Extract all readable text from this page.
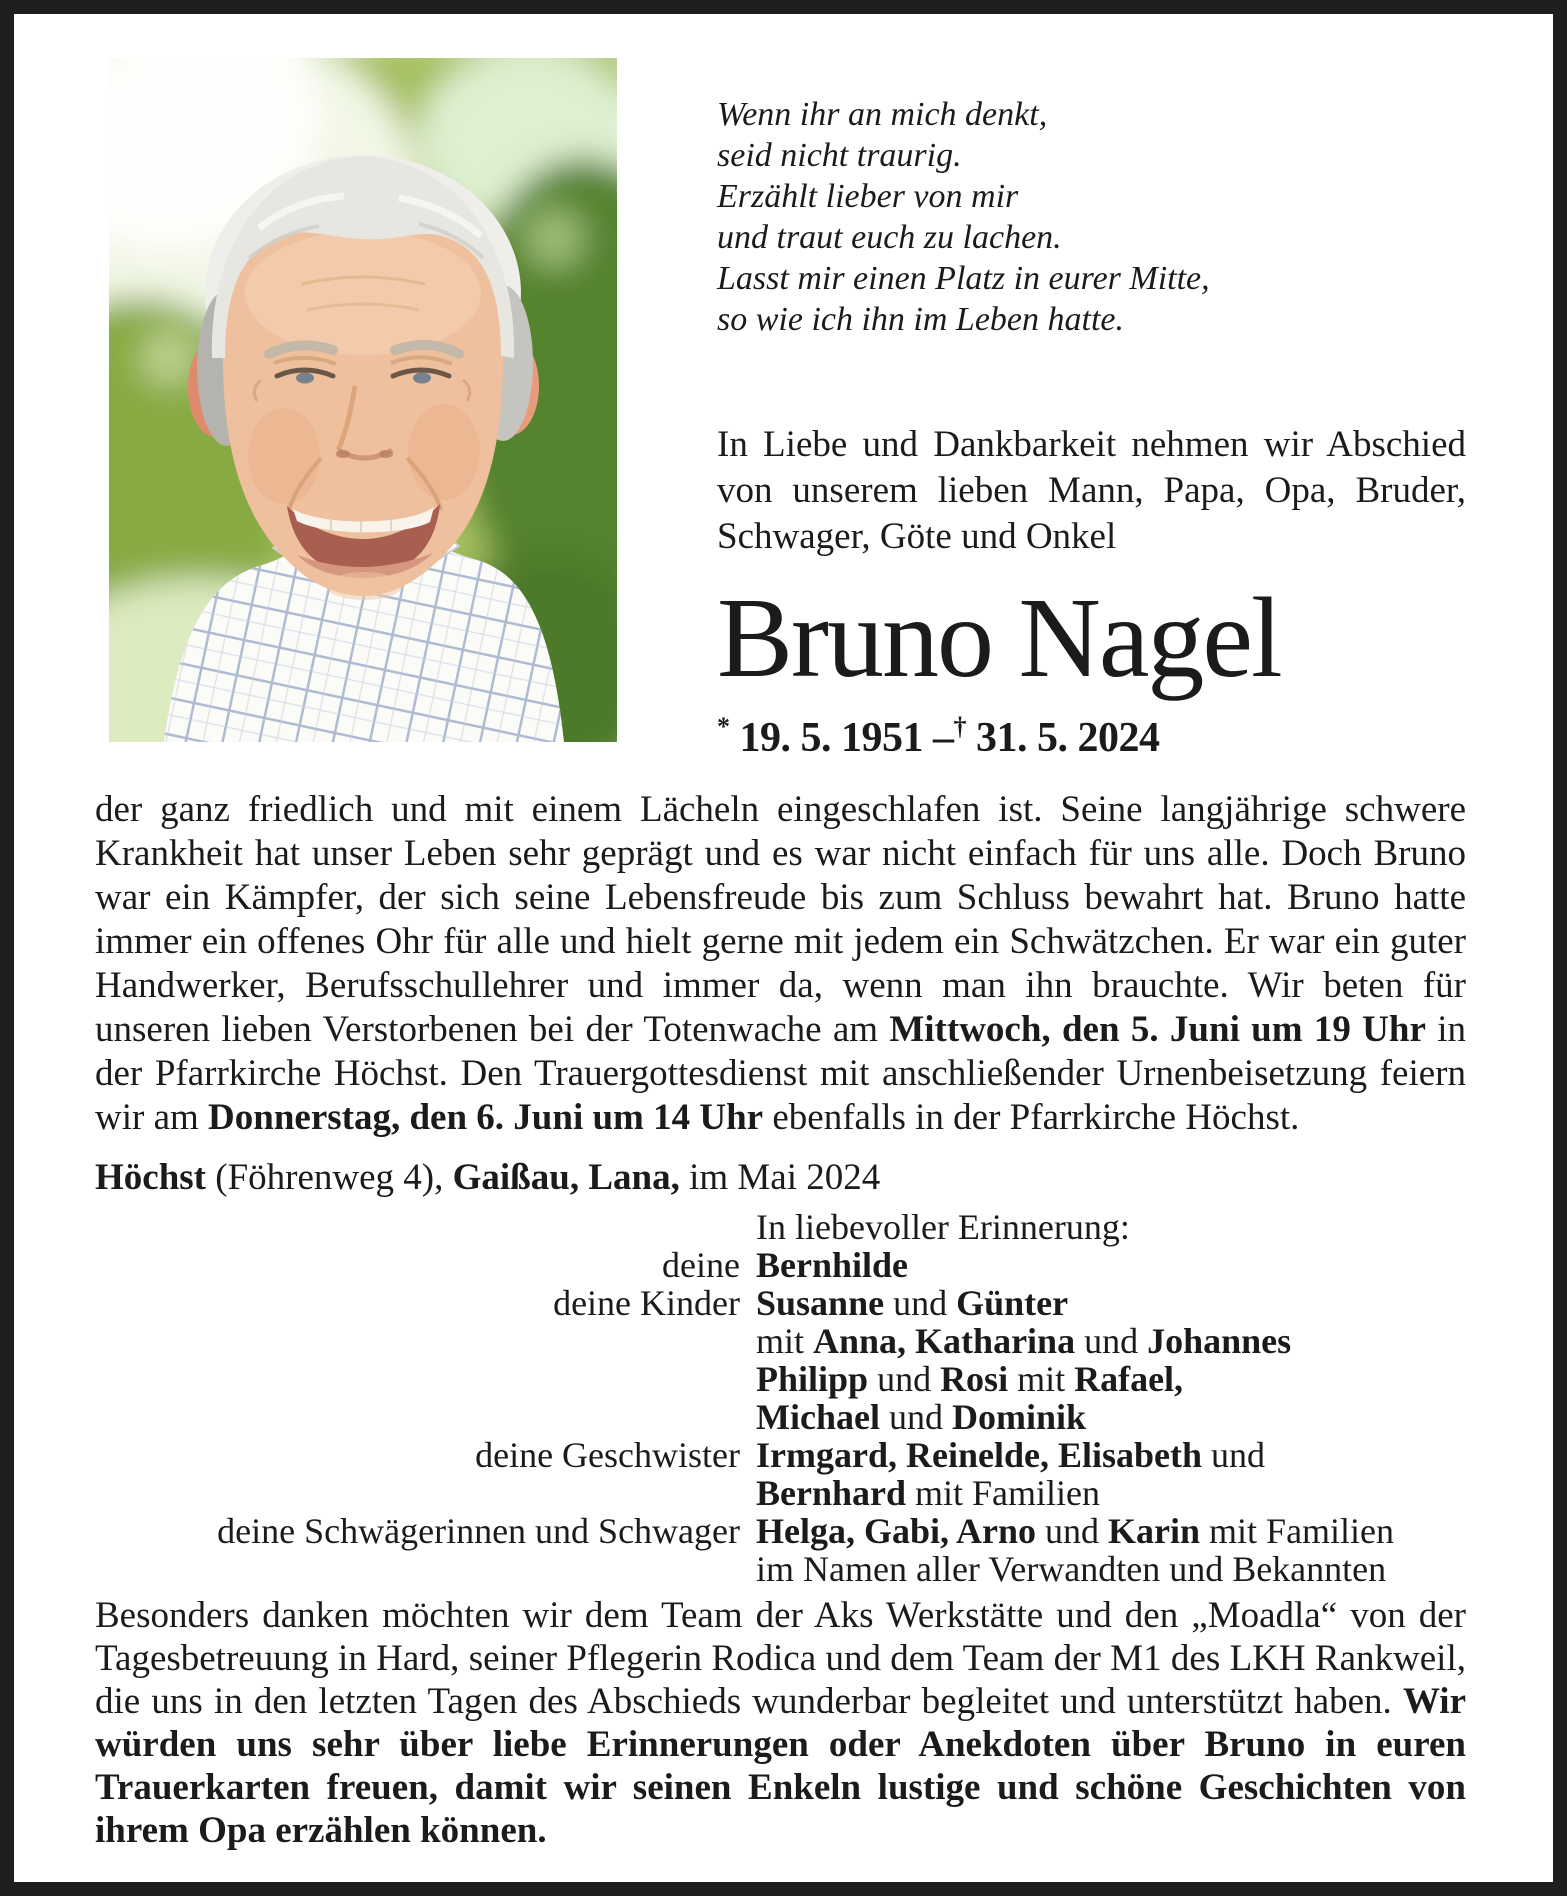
Wenn ihr an mich denkt,
seid nicht traurig.
Erzählt lieber von mir
und traut euch zu lachen.
Lasst mir einen Platz in eurer Mitte,
so wie ich ihn im Leben hatte.
In Liebe und Dankbarkeit nehmen wir Abschied von unserem lieben Mann, Papa, Opa, Bruder, Schwager, Göte und Onkel
Bruno Nagel
* 19. 5. 1951 –† 31. 5. 2024
der ganz friedlich und mit einem Lächeln eingeschlafen ist. Seine langjährige schwere Krankheit hat unser Leben sehr geprägt und es war nicht einfach für uns alle. Doch Bruno war ein Kämpfer, der sich seine Lebensfreude bis zum Schluss bewahrt hat. Bruno hatte immer ein offenes Ohr für alle und hielt gerne mit jedem ein Schwätzchen. Er war ein guter Handwerker, Berufsschullehrer und immer da, wenn man ihn brauchte. Wir beten für unseren lieben Verstorbenen bei der Totenwache am Mittwoch, den 5. Juni um 19 Uhr in der Pfarrkirche Höchst. Den Trauergottesdienst mit anschließender Urnenbeisetzung feiern wir am Donnerstag, den 6. Juni um 14 Uhr ebenfalls in der Pfarrkirche Höchst.
Höchst (Föhrenweg 4), Gaißau, Lana, im Mai 2024
In liebevoller Erinnerung:
deine Bernhilde
deine Kinder Susanne und Günter
mit Anna, Katharina und Johannes
Philipp und Rosi mit Rafael,
Michael und Dominik
deine Geschwister Irmgard, Reinelde, Elisabeth und
Bernhard mit Familien
deine Schwägerinnen und Schwager Helga, Gabi, Arno und Karin mit Familien
im Namen aller Verwandten und Bekannten
Besonders danken möchten wir dem Team der Aks Werkstätte und den „Moadla“ von der Tagesbetreuung in Hard, seiner Pflegerin Rodica und dem Team der M1 des LKH Rankweil, die uns in den letzten Tagen des Abschieds wunderbar begleitet und unterstützt haben. Wir würden uns sehr über liebe Erinnerungen oder Anekdoten über Bruno in euren Trauerkarten freuen, damit wir seinen Enkeln lustige und schöne Geschichten von ihrem Opa erzählen können.
